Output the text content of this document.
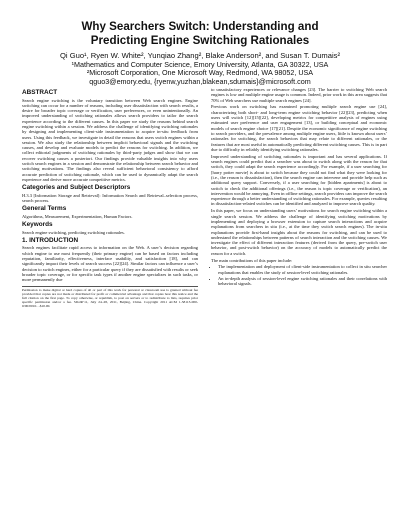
Why Searchers Switch: Understanding and
Predicting Engine Switching Rationales
Qi Guo¹, Ryen W. White², Yunqiao Zhang², Blake Anderson², and Susan T. Dumais²
¹Mathematics and Computer Science, Emory University, Atlanta, GA 30322, USA
²Microsoft Corporation, One Microsoft Way, Redmond, WA 98052, USA
qguo3@emory.edu, {ryenw,yuzhan,blakean,sdumais}@microsoft.com
ABSTRACT

Search engine switching is the voluntary transition between Web search engines. Engine switching can occur for a number of reasons, including user dissatisfaction with search results, a desire for broader topic coverage or verification, user preferences, or even unintentionally. An improved understanding of switching rationales allows search providers to tailor the search experience according to the different causes. In this paper we study the reasons behind search engine switching within a session. We address the challenge of identifying switching rationales by designing and implementing client-side instrumentation to acquire in-situ feedback from users. Using this feedback, we investigate in detail the reasons that users switch engines within a session. We also study the relationship between implicit behavioral signals and the switching causes, and develop and evaluate models to predict the reasons for switching. In addition, we collect editorial judgments of switching rationales by third-party judges and show that we can recover switching causes a posteriori. Our findings provide valuable insights into why users switch search engines in a session and demonstrate the relationship between search behavior and switching motivations. The findings also reveal sufficient behavioral consistency to afford accurate prediction of switching rationale, which can be used to dynamically adapt the search experience and derive more accurate competitive metrics.

Categories and Subject Descriptors

H.3.3 [Information Storage and Retrieval]: Information Search and Retrieval–selection process, search process.

General Terms

Algorithms, Measurement, Experimentation, Human Factors.

Keywords

Search engine switching, predicting switching rationales.

1. INTRODUCTION

Search engines facilitate rapid access to information on the Web. A user’s decision regarding which engine to use most frequently (their primary engine) can be based on factors including reputation, familiarity, effectiveness, interface usability, and satisfaction [18], and can significantly impact their levels of search success [22][24]. Similar factors can influence a user’s decision to switch engines, either for a particular query if they are dissatisfied with results or seek broader topic coverage, or for specific task types if another engine specializes in such tasks, or more permanently due

Permission to make digital or hard copies of all or part of this work for personal or classroom use is granted without fee provided that copies are not made or distributed for profit or commercial advantage and that copies bear this notice and the full citation on the first page. To copy otherwise, or republish, to post on servers or to redistribute to lists, requires prior specific permission and/or a fee. SIGIR’11, July 24–28, 2011, Beijing, China. Copyright 2011 ACM 1-58113-000-0/00/0010…$10.00.

to unsatisfactory experiences or relevance changes [23]. The barrier to switching Web search engines is low and multiple engine usage is common. Indeed, prior work in this area suggests that 70% of Web searchers use multiple search engines [24].

Previous work on switching has examined promoting multiple search engine use [24], characterizing both short- and long-term engine switching behavior [22][23], predicting when users will switch [12][15][22], developing metrics for competitive analysis of engines using estimated user preference and user engagement [13], or building conceptual and economic models of search engine choice [17][21]. Despite the economic significance of engine switching to search providers, and the prevalence among multiple engine users, little is known about users’ rationales for switching, the search behaviors that may relate to different rationales, or the features that are most useful in automatically predicting different switching causes. This is in part due to difficulty in reliably identifying switching rationales.

Improved understanding of switching rationales is important and has several applications. If search engines could predict that a searcher was about to switch along with the reason for that switch, they could adapt the search experience accordingly. For example, if a user searching for [harry potter movie] is about to switch because they could not find what they were looking for (i.e., the reason is dissatisfaction), then the search engine can intervene and provide help such as additional query support. Conversely, if a user searching for [hidden apartments] is about to switch to check the additional offerings (i.e., the reason is topic coverage or verification), an intervention would be annoying. Even in offline settings, search providers can improve the search experience through a better understanding of switching rationales. For example, queries resulting in dissatisfaction-related switches can be identified and analyzed to improve search quality.

In this paper, we focus on understanding users’ motivations for search engine switching within a single search session. We address the challenge of identifying switching motivations by implementing and deploying a browser extension to capture search interactions and acquire explanations from searchers in situ (i.e., at the time they switch search engines). The in-situ explanations provide first-hand insights about the reasons for switching, and can be used to understand the relationships between patterns of search interaction and the switching causes. We investigate the effect of different interaction features (derived from the query, pre-switch user behavior, and post-switch behavior) on the accuracy of models to automatically predict the reason for a switch.

The main contributions of this paper include:

• The implementation and deployment of client-side instrumentation to collect in situ searcher explanations that enables the study of session-level switching rationales.
• An in-depth analysis of session-level engine switching rationales and their correlations with behavioral signals.
